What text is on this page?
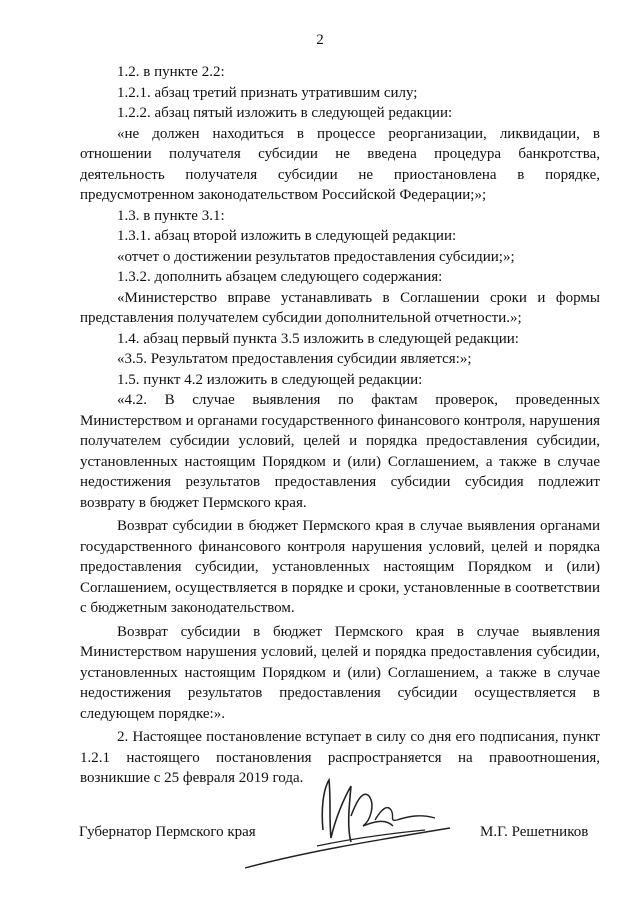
2

1.2. в пункте 2.2:

1.2.1. абзац третий признать утратившим силу;

1.2.2. абзац пятый изложить в следующей редакции:

«не должен находиться в процессе реорганизации, ликвидации, в отношении получателя субсидии не введена процедура банкротства, деятельность получателя субсидии не приостановлена в порядке, предусмотренном законодательством Российской Федерации;»;

1.3. в пункте 3.1:

1.3.1. абзац второй изложить в следующей редакции:

«отчет о достижении результатов предоставления субсидии;»;

1.3.2. дополнить абзацем следующего содержания:

«Министерство вправе устанавливать в Соглашении сроки и формы представления получателем субсидии дополнительной отчетности.»;

1.4. абзац первый пункта 3.5 изложить в следующей редакции:

«3.5. Результатом предоставления субсидии является:»;

1.5. пункт 4.2 изложить в следующей редакции:

«4.2. В случае выявления по фактам проверок, проведенных Министерством и органами государственного финансового контроля, нарушения получателем субсидии условий, целей и порядка предоставления субсидии, установленных настоящим Порядком и (или) Соглашением, а также в случае недостижения результатов предоставления субсидии субсидия подлежит возврату в бюджет Пермского края.

Возврат субсидии в бюджет Пермского края в случае выявления органами государственного финансового контроля нарушения условий, целей и порядка предоставления субсидии, установленных настоящим Порядком и (или) Соглашением, осуществляется в порядке и сроки, установленные в соответствии с бюджетным законодательством.

Возврат субсидии в бюджет Пермского края в случае выявления Министерством нарушения условий, целей и порядка предоставления субсидии, установленных настоящим Порядком и (или) Соглашением, а также в случае недостижения результатов предоставления субсидии осуществляется в следующем порядке:».

2. Настоящее постановление вступает в силу со дня его подписания, пункт 1.2.1 настоящего постановления распространяется на правоотношения, возникшие с 25 февраля 2019 года.

Губернатор Пермского края	М.Г. Решетников
